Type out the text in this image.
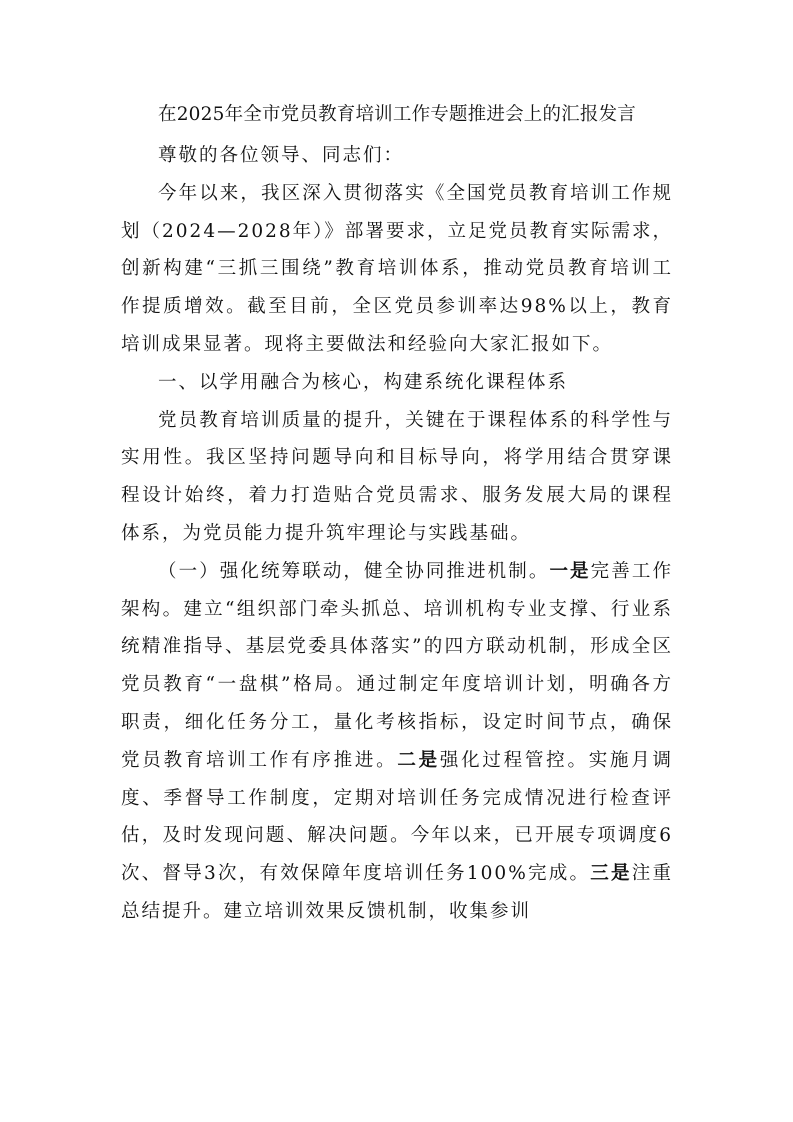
在2025年全市党员教育培训工作专题推进会上的汇报发言

尊敬的各位领导、同志们：

今年以来，我区深入贯彻落实《全国党员教育培训工作规划（2024—2028年）》部署要求，立足党员教育实际需求，创新构建“三抓三围绕”教育培训体系，推动党员教育培训工作提质增效。截至目前，全区党员参训率达98%以上，教育培训成果显著。现将主要做法和经验向大家汇报如下。

一、以学用融合为核心，构建系统化课程体系

党员教育培训质量的提升，关键在于课程体系的科学性与实用性。我区坚持问题导向和目标导向，将学用结合贯穿课程设计始终，着力打造贴合党员需求、服务发展大局的课程体系，为党员能力提升筑牢理论与实践基础。

（一）强化统筹联动，健全协同推进机制。一是完善工作架构。建立“组织部门牵头抓总、培训机构专业支撑、行业系统精准指导、基层党委具体落实”的四方联动机制，形成全区党员教育“一盘棋”格局。通过制定年度培训计划，明确各方职责，细化任务分工，量化考核指标，设定时间节点，确保党员教育培训工作有序推进。二是强化过程管控。实施月调度、季督导工作制度，定期对培训任务完成情况进行检查评估，及时发现问题、解决问题。今年以来，已开展专项调度6次、督导3次，有效保障年度培训任务100%完成。三是注重总结提升。建立培训效果反馈机制，收集参训
